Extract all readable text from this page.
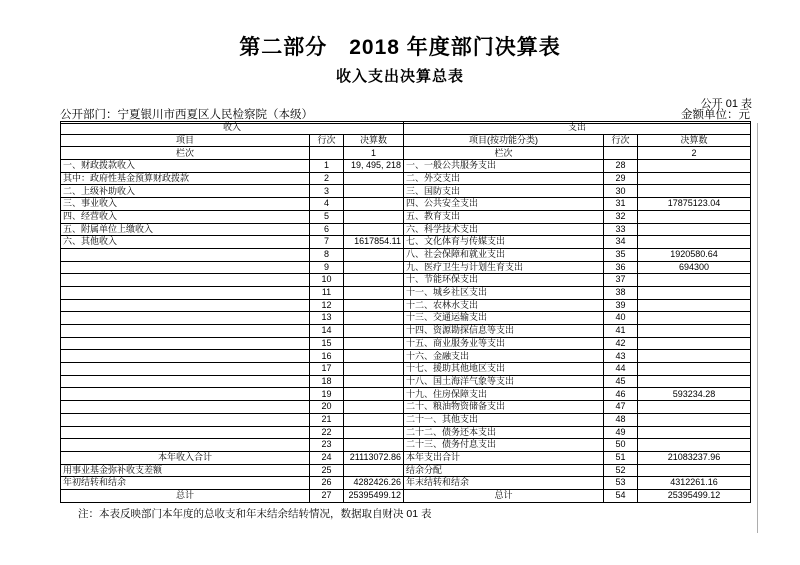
第二部分　2018 年度部门决算表
收入支出决算总表
公开 01 表
公开部门：宁夏银川市西夏区人民检察院（本级）	金额单位：元
收入			支出		
项目	行次	决算数	项目(按功能分类)	行次	决算数
栏次		1	栏次		2
一、财政拨款收入	1	19, 495, 218	一、一般公共服务支出	28	
其中：政府性基金预算财政拨款	2		二、外交支出	29	
二、上级补助收入	3		三、国防支出	30	
三、事业收入	4		四、公共安全支出	31	17875123.04
四、经营收入	5		五、教育支出	32	
五、附属单位上缴收入	6		六、科学技术支出	33	
六、其他收入	7	1617854.11	七、文化体育与传媒支出	34	
	8		八、社会保障和就业支出	35	1920580.64
	9		九、医疗卫生与计划生育支出	36	694300
	10		十、节能环保支出	37	
	11		十一、城乡社区支出	38	
	12		十二、农林水支出	39	
	13		十三、交通运输支出	40	
	14		十四、资源勘探信息等支出	41	
	15		十五、商业服务业等支出	42	
	16		十六、金融支出	43	
	17		十七、援助其他地区支出	44	
	18		十八、国土海洋气象等支出	45	
	19		十九、住房保障支出	46	593234.28
	20		二十、粮油物资储备支出	47	
	21		二十一、其他支出	48	
	22		二十二、债务还本支出	49	
	23		二十三、债务付息支出	50	
本年收入合计	24	21113072.86	本年支出合计	51	21083237.96
用事业基金弥补收支差额	25		结余分配	52	
年初结转和结余	26	4282426.26	年末结转和结余	53	4312261.16
总计	27	25395499.12	总计	54	25395499.12
注：本表反映部门本年度的总收支和年末结余结转情况，数据取自财决 01 表
